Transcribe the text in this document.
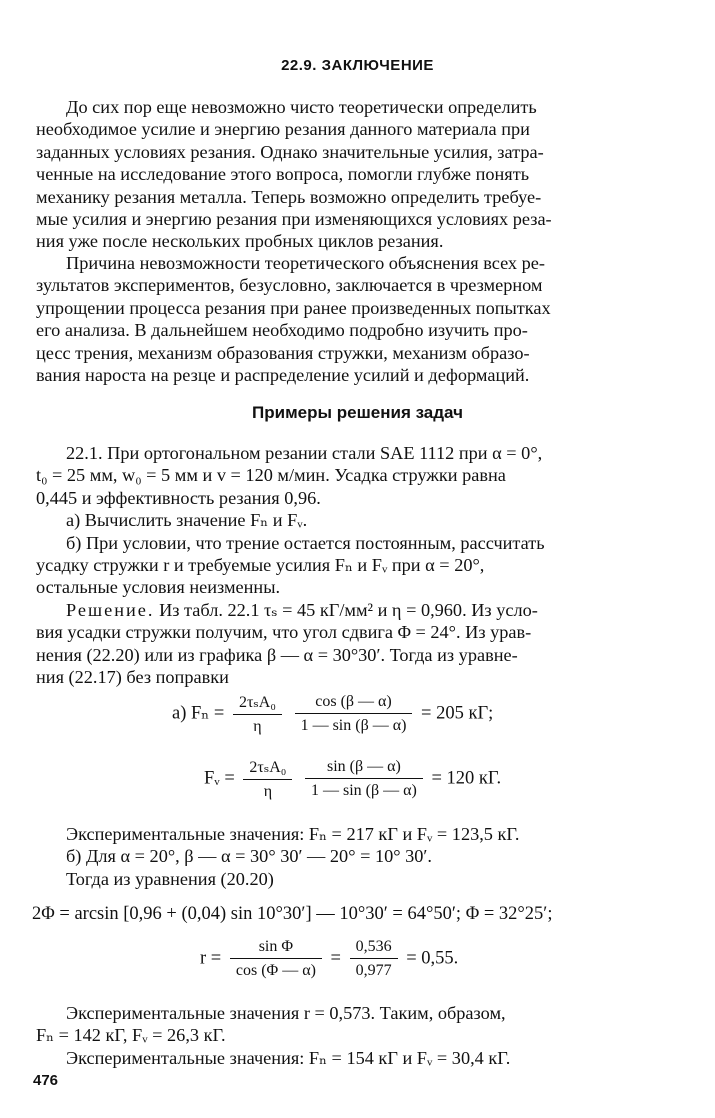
22.9. ЗАКЛЮЧЕНИЕ
До сих пор еще невозможно чисто теоретически определить
необходимое усилие и энергию резания данного материала при
заданных условиях резания. Однако значительные усилия, затра-
ченные на исследование этого вопроса, помогли глубже понять
механику резания металла. Теперь возможно определить требуе-
мые усилия и энергию резания при изменяющихся условиях реза-
ния уже после нескольких пробных циклов резания.
Причина невозможности теоретического объяснения всех ре-
зультатов экспериментов, безусловно, заключается в чрезмерном
упрощении процесса резания при ранее произведенных попытках
его анализа. В дальнейшем необходимо подробно изучить про-
цесс трения, механизм образования стружки, механизм образо-
вания нароста на резце и распределение усилий и деформаций.
Примеры решения задач
22.1. При ортогональном резании стали SAE 1112 при α = 0°,
t₀ = 25 мм, w₀ = 5 мм и v = 120 м/мин. Усадка стружки равна
0,445 и эффективность резания 0,96.
а) Вычислить значение Fₙ и Fᵥ.
б) При условии, что трение остается постоянным, рассчитать
усадку стружки r и требуемые усилия Fₙ и Fᵥ при α = 20°,
остальные условия неизменны.
Решение. Из табл. 22.1 τₛ = 45 кГ/мм² и η = 0,960. Из усло-
вия усадки стружки получим, что угол сдвига Φ = 24°. Из урав-
нения (22.20) или из графика β — α = 30°30′. Тогда из уравне-
ния (22.17) без поправки
а) $F_n = \frac{\text{2τₛA₀}}{\eta}$
$\frac{\cos (\beta — \alpha)}{1 — \sin (\beta — \alpha)} = 205$ кГ;
Fᵥ = $\frac{\text{2τₛA₀}}{\eta}$
$\frac{\sin (\beta — \alpha)}{1 — \sin (\beta — \alpha)} = 120$ кГ.
Экспериментальные значения: Fₙ = 217 кГ и Fᵥ = 123,5 кГ.
б) Для α = 20°, β — α = 30° 30′ — 20° = 10° 30′.
Тогда из уравнения (20.20)
2Φ = arcsin [0,96 + (0,04) sin 10°30′] — 10°30′ = 64°50′; Φ = 32°25′;
$r = \frac{\text{sin Φ}}{\cos (\Phi — \alpha)} = \frac{0,536}{0,977} = 0,55$.
Экспериментальные значения r = 0,573. Таким, образом,
Fₙ = 142 кГ, Fᵥ = 26,3 кГ.
Экспериментальные значения: Fₙ = 154 кГ и Fᵥ = 30,4 кГ.
476
